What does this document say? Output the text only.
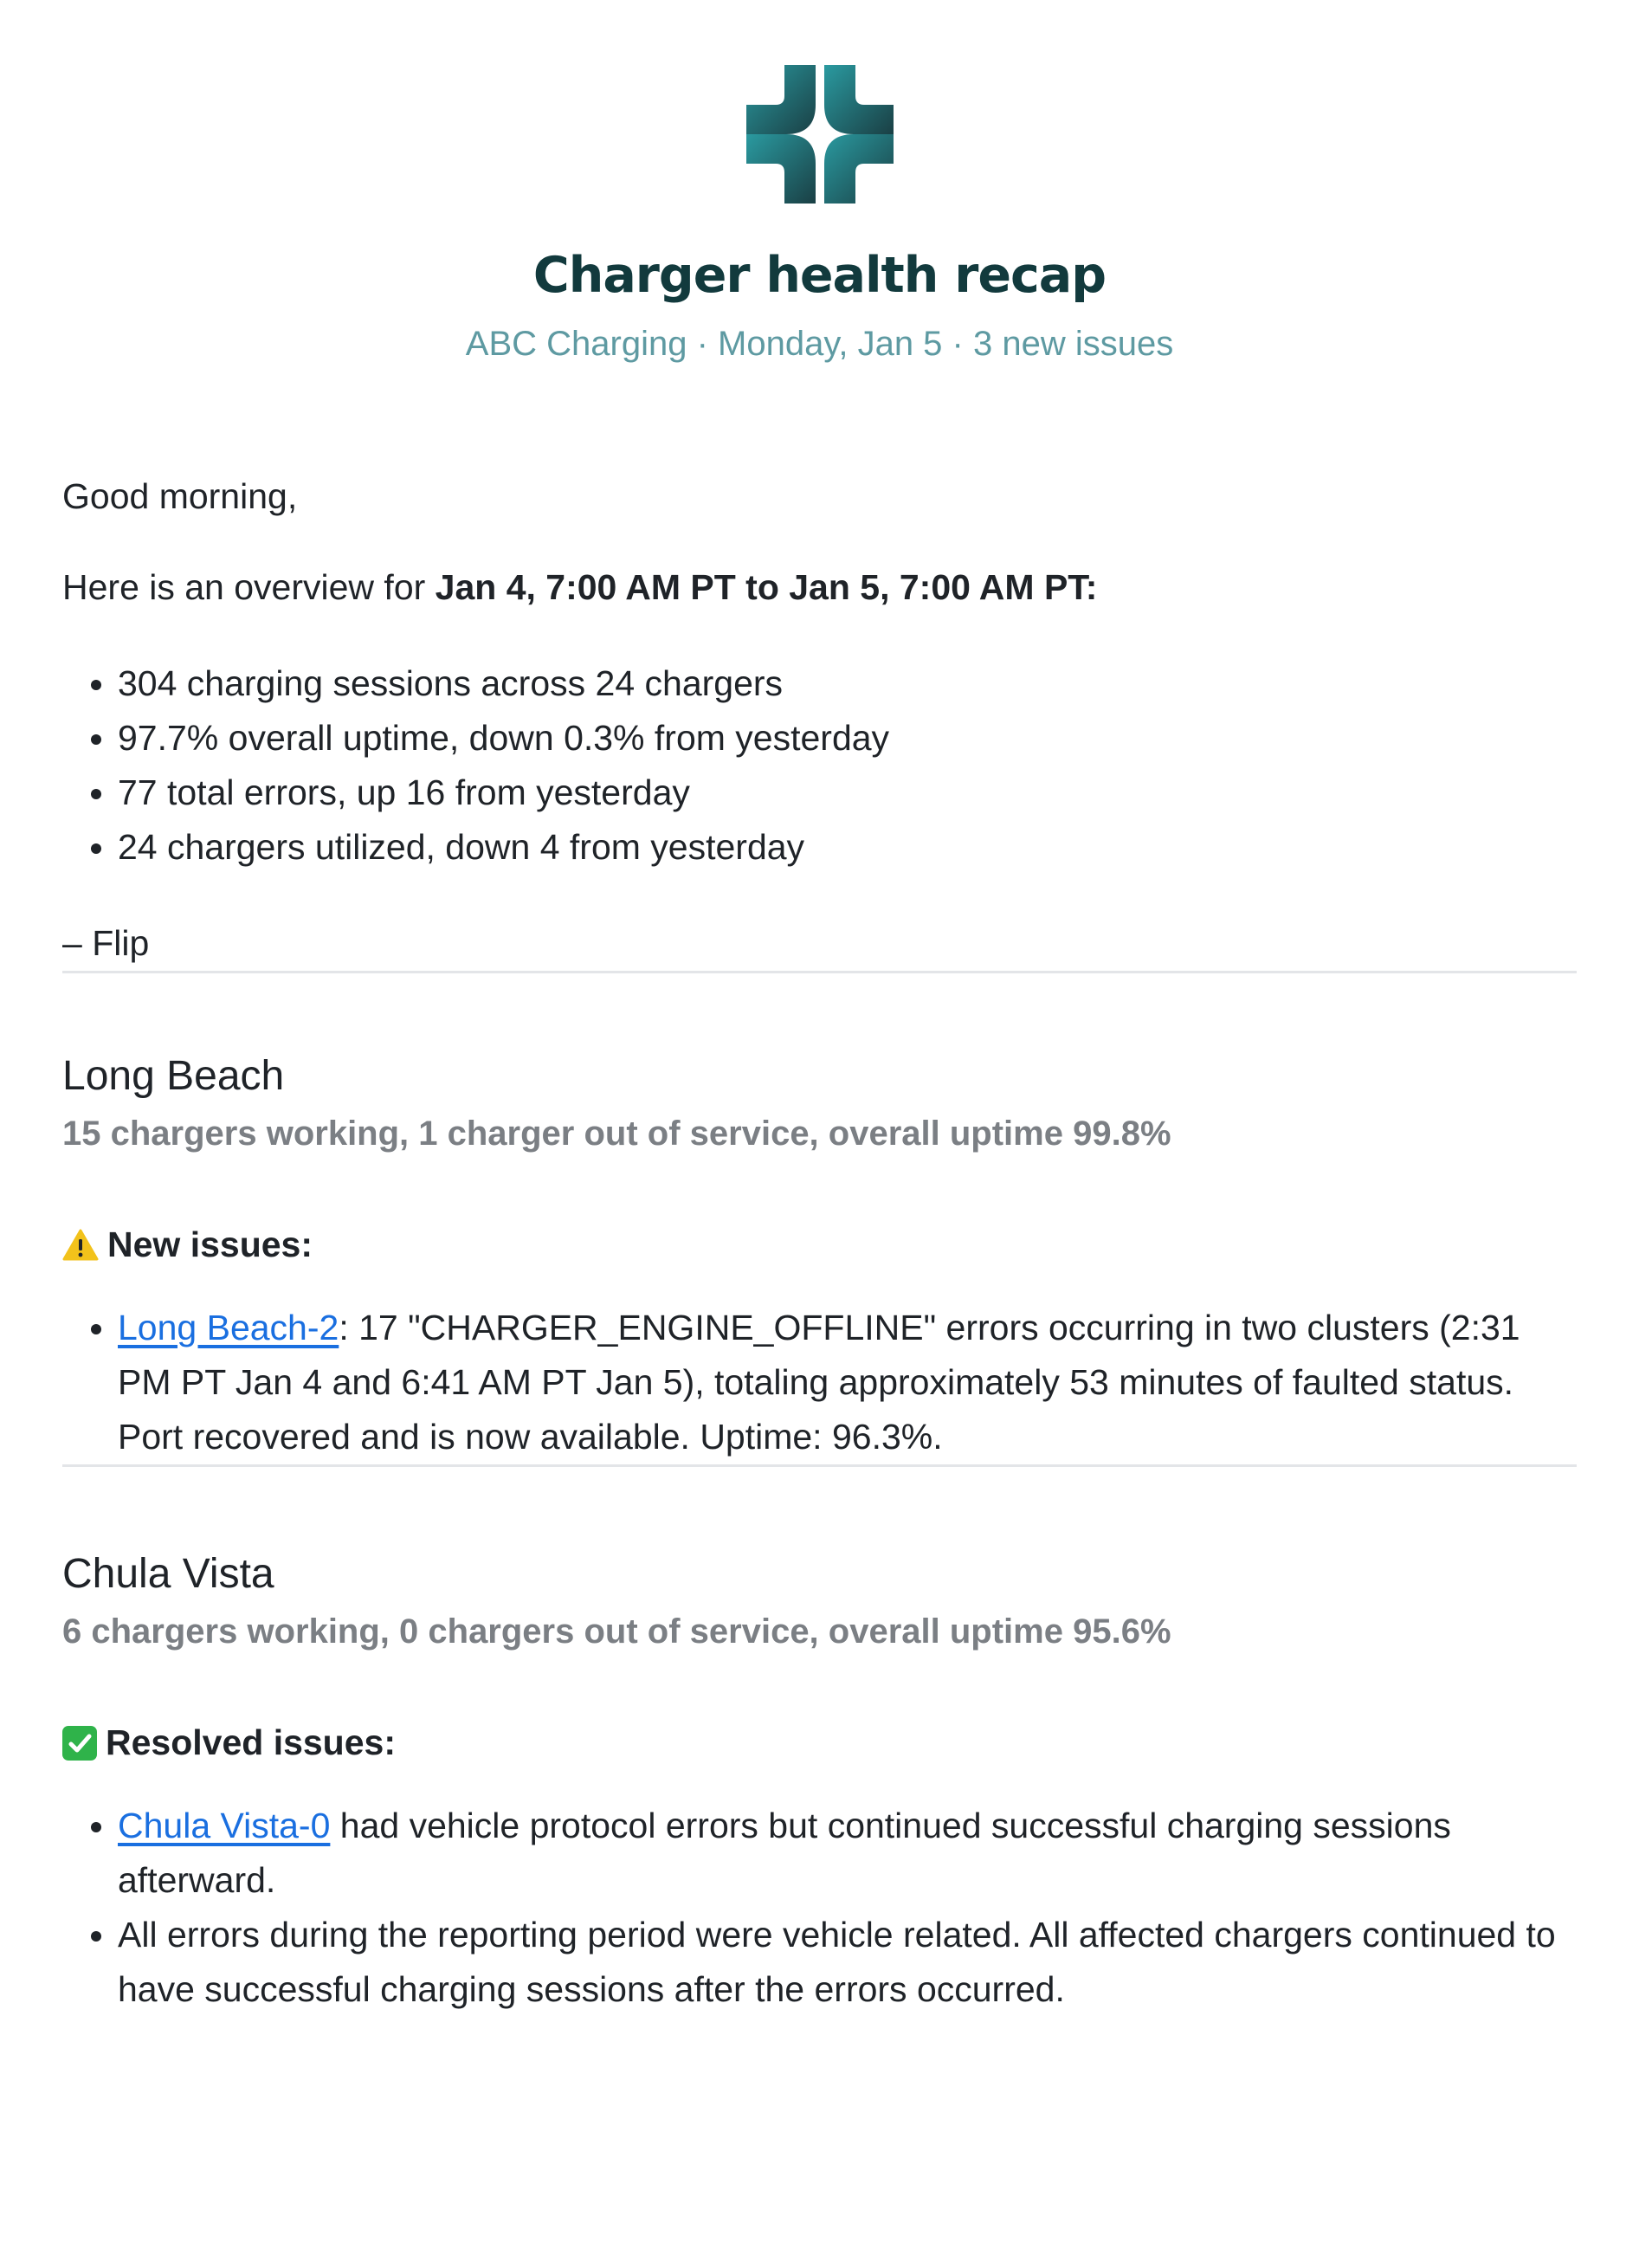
Charger health recap
ABC Charging · Monday, Jan 5 · 3 new issues
Good morning,
Here is an overview for Jan 4, 7:00 AM PT to Jan 5, 7:00 AM PT:
• 304 charging sessions across 24 chargers
• 97.7% overall uptime, down 0.3% from yesterday
• 77 total errors, up 16 from yesterday
• 24 chargers utilized, down 4 from yesterday
– Flip
Long Beach
15 chargers working, 1 charger out of service, overall uptime 99.8%
New issues:
• Long Beach-2: 17 "CHARGER_ENGINE_OFFLINE" errors occurring in two clusters (2:31 PM PT Jan 4 and 6:41 AM PT Jan 5), totaling approximately 53 minutes of faulted status. Port recovered and is now available. Uptime: 96.3%.
Chula Vista
6 chargers working, 0 chargers out of service, overall uptime 95.6%
Resolved issues:
• Chula Vista-0 had vehicle protocol errors but continued successful charging sessions afterward.
• All errors during the reporting period were vehicle related. All affected chargers continued to have successful charging sessions after the errors occurred.
